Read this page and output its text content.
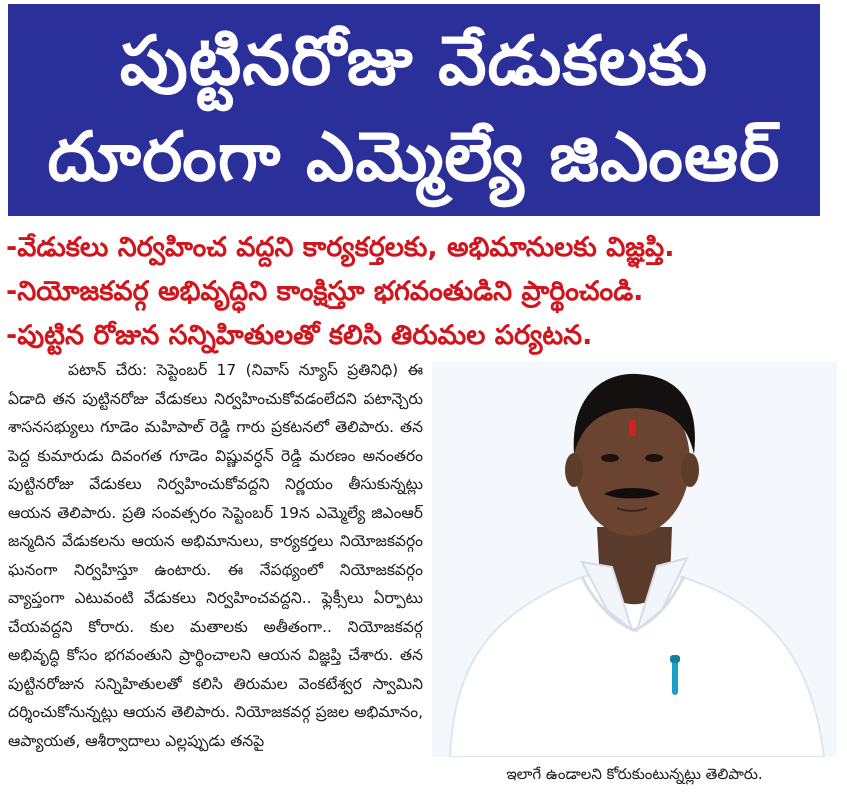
పుట్టినరోజు వేడుకలకు
దూరంగా ఎమ్మెల్యే జిఎంఆర్
-వేడుకలు నిర్వహించ వద్దని కార్యకర్తలకు, అభిమానులకు విజ్ఞప్తి.
-నియోజకవర్గ అభివృద్ధిని కాంక్షిస్తూ భగవంతుడిని ప్రార్థించండి.
-పుట్టిన రోజున సన్నిహితులతో కలిసి తిరుమల పర్యటన.

పటాన్ చేరు: సెప్టెంబర్ 17 (నివాస్ న్యూస్ ప్రతినిధి) ఈ ఏడాది తన పుట్టినరోజు వేడుకలు నిర్వహించుకోవడంలేదని పటాన్చెరు శాసనసభ్యులు గూడెం మహిపాల్ రెడ్డి గారు ప్రకటనలో తెలిపారు. తన పెద్ద కుమారుడు దివంగత గూడెం విష్ణువర్ధన్ రెడ్డి మరణం అనంతరం పుట్టినరోజు వేడుకలు నిర్వహించుకోవద్దని నిర్ణయం తీసుకున్నట్లు ఆయన తెలిపారు. ప్రతి సంవత్సరం సెప్టెంబర్ 19న ఎమ్మెల్యే జిఎంఆర్ జన్మదిన వేడుకలను ఆయన అభిమానులు, కార్యకర్తలు నియోజకవర్గం ఘనంగా నిర్వహిస్తూ ఉంటారు. ఈ నేపథ్యంలో నియోజకవర్గం వ్యాప్తంగా ఎటువంటి వేడుకలు నిర్వహించవద్దని.. ఫ్లెక్సీలు ఏర్పాటు చేయవద్దని కోరారు. కుల మతాలకు అతీతంగా.. నియోజకవర్గ అభివృద్ధి కోసం భగవంతుని ప్రార్థించాలని ఆయన విజ్ఞప్తి చేశారు. తన పుట్టినరోజున సన్నిహితులతో కలిసి తిరుమల వెంకటేశ్వర స్వామిని దర్శించుకోనున్నట్లు ఆయన తెలిపారు. నియోజకవర్గ ప్రజల అభిమానం, ఆప్యాయత, ఆశీర్వాదాలు ఎల్లప్పుడు తనపై

ఇలాగే ఉండాలని కోరుకుంటున్నట్లు తెలిపారు.
